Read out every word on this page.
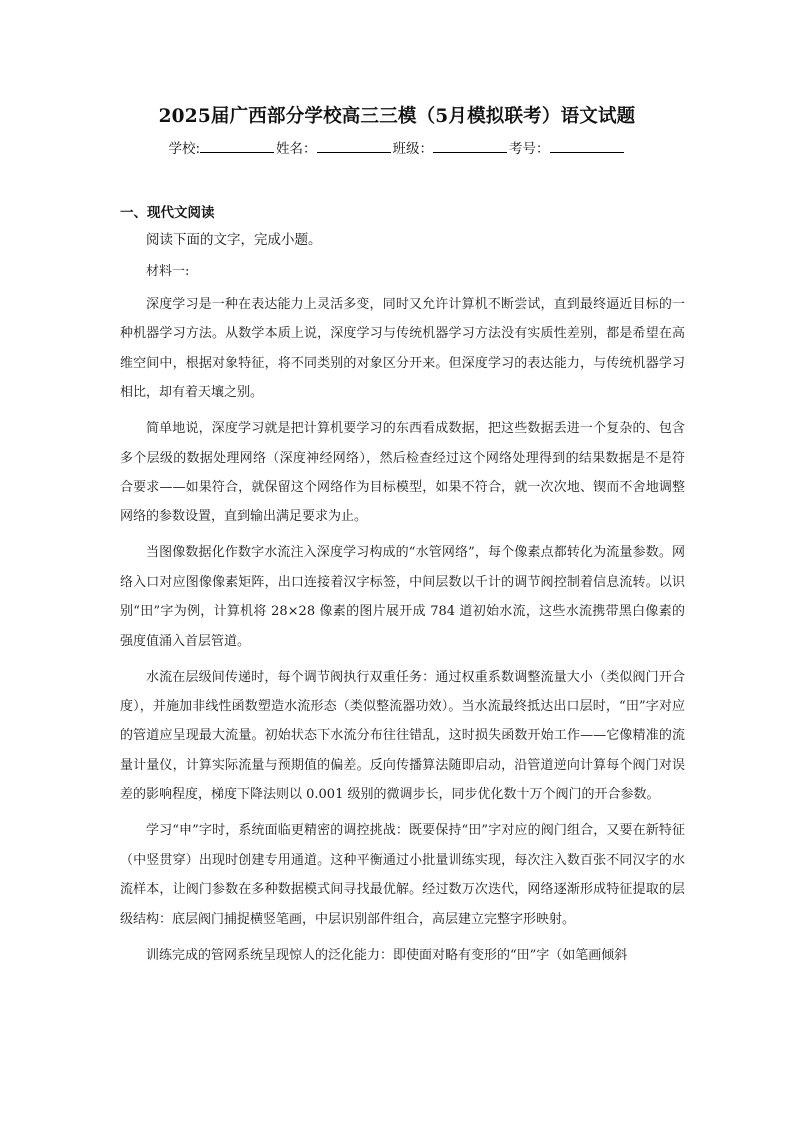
2025届广西部分学校高三三模（5月模拟联考）语文试题
学校:	姓名：	班级：	考号：
一、现代文阅读
阅读下面的文字，完成小题。
材料一:

深度学习是一种在表达能力上灵活多变，同时又允许计算机不断尝试，直到最终逼近目标的一种机器学习方法。从数学本质上说，深度学习与传统机器学习方法没有实质性差别，都是希望在高维空间中，根据对象特征，将不同类别的对象区分开来。但深度学习的表达能力，与传统机器学习相比，却有着天壤之别。

简单地说，深度学习就是把计算机要学习的东西看成数据，把这些数据丢进一个复杂的、包含多个层级的数据处理网络（深度神经网络），然后检查经过这个网络处理得到的结果数据是不是符合要求——如果符合，就保留这个网络作为目标模型，如果不符合，就一次次地、锲而不舍地调整网络的参数设置，直到输出满足要求为止。

当图像数据化作数字水流注入深度学习构成的“水管网络”，每个像素点都转化为流量参数。网络入口对应图像像素矩阵，出口连接着汉字标签，中间层数以千计的调节阀控制着信息流转。以识别“田”字为例，计算机将 28×28 像素的图片展开成 784 道初始水流，这些水流携带黑白像素的强度值涌入首层管道。

水流在层级间传递时，每个调节阀执行双重任务：通过权重系数调整流量大小（类似阀门开合度），并施加非线性函数塑造水流形态（类似整流器功效）。当水流最终抵达出口层时，“田”字对应的管道应呈现最大流量。初始状态下水流分布往往错乱，这时损失函数开始工作——它像精准的流量计量仪，计算实际流量与预期值的偏差。反向传播算法随即启动，沿管道逆向计算每个阀门对误差的影响程度，梯度下降法则以 0.001 级别的微调步长，同步优化数十万个阀门的开合参数。

学习“申”字时，系统面临更精密的调控挑战：既要保持“田”字对应的阀门组合，又要在新特征（中竖贯穿）出现时创建专用通道。这种平衡通过小批量训练实现，每次注入数百张不同汉字的水流样本，让阀门参数在多种数据模式间寻找最优解。经过数万次迭代，网络逐渐形成特征提取的层级结构：底层阀门捕捉横竖笔画，中层识别部件组合，高层建立完整字形映射。

训练完成的管网系统呈现惊人的泛化能力：即使面对略有变形的“田”字（如笔画倾斜
